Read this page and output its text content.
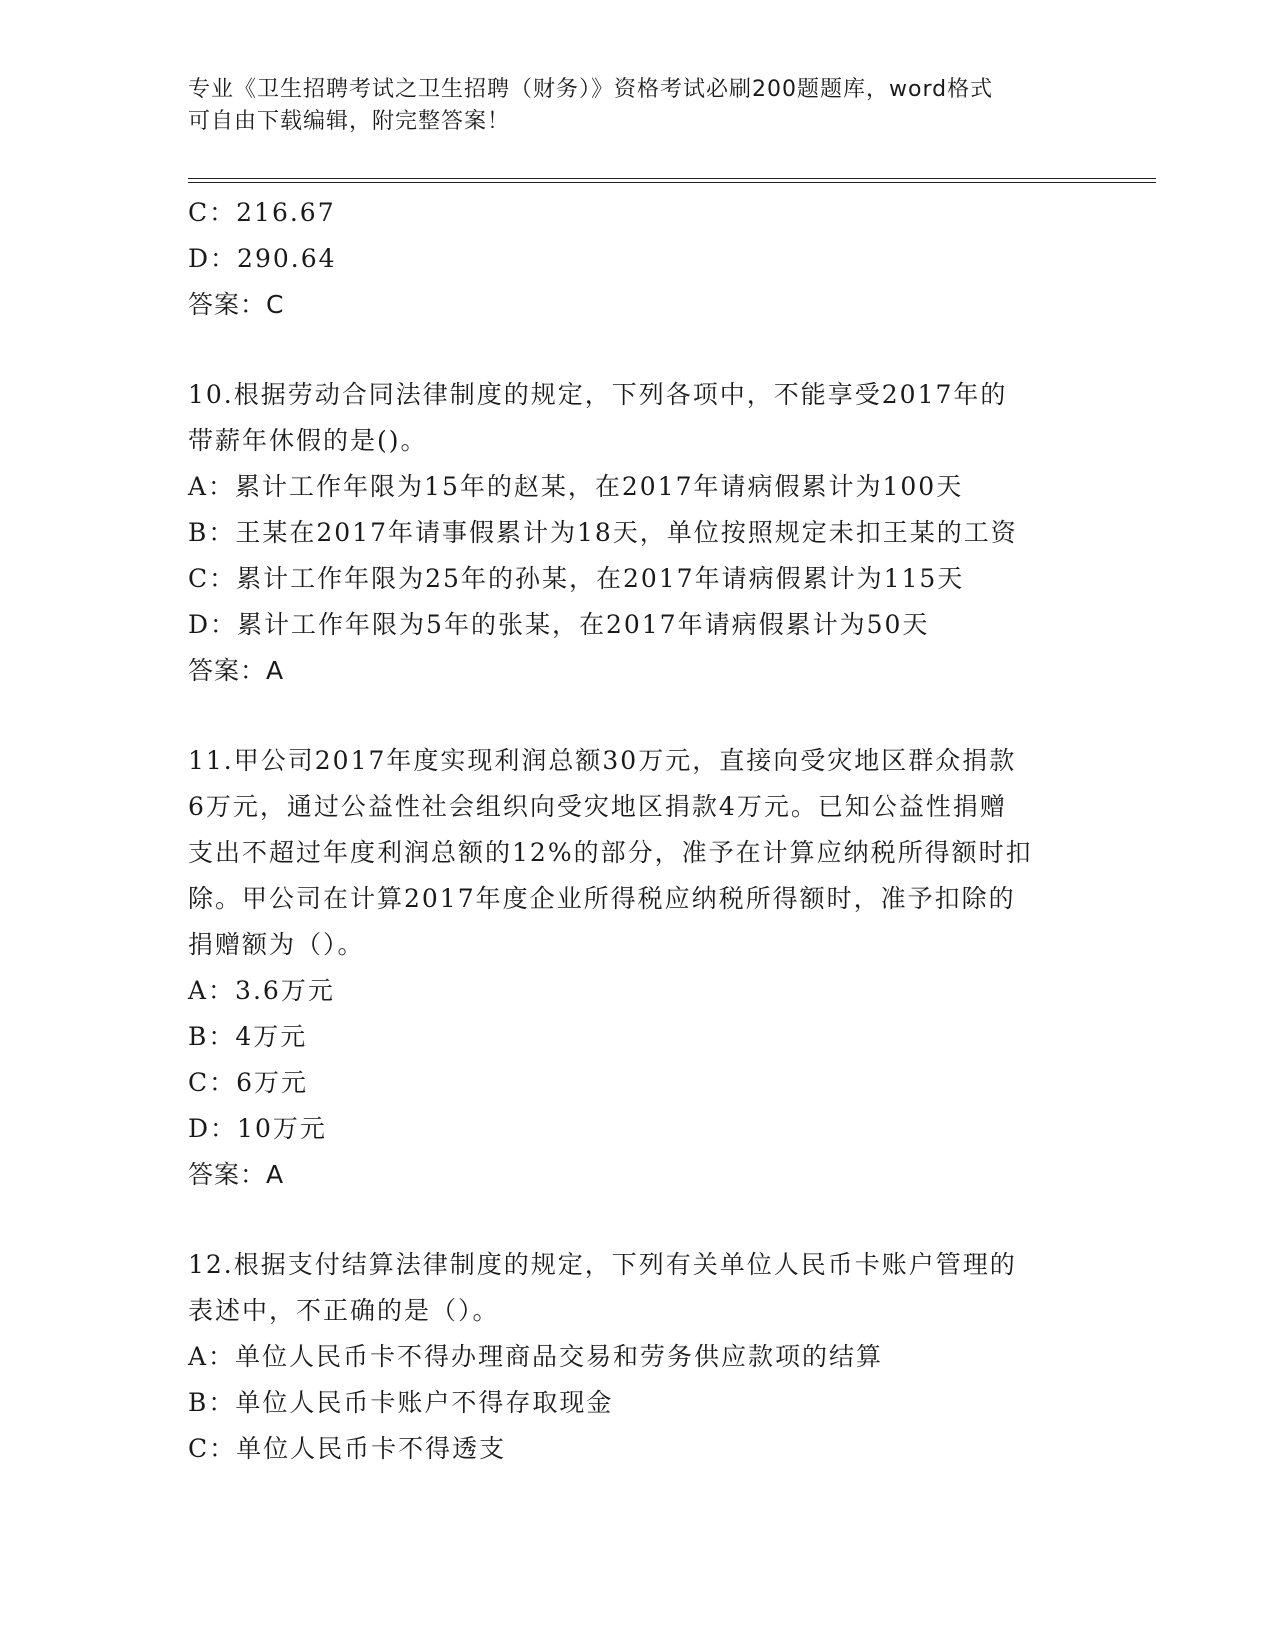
专业《卫生招聘考试之卫生招聘（财务）》资格考试必刷200题题库，word格式
可自由下载编辑，附完整答案！
C：216.67
D：290.64
答案：C
10.根据劳动合同法律制度的规定，下列各项中，不能享受2017年的
带薪年休假的是()。
A：累计工作年限为15年的赵某，在2017年请病假累计为100天
B：王某在2017年请事假累计为18天，单位按照规定未扣王某的工资
C：累计工作年限为25年的孙某，在2017年请病假累计为115天
D：累计工作年限为5年的张某，在2017年请病假累计为50天
答案：A
11.甲公司2017年度实现利润总额30万元，直接向受灾地区群众捐款
6万元，通过公益性社会组织向受灾地区捐款4万元。已知公益性捐赠
支出不超过年度利润总额的12%的部分，准予在计算应纳税所得额时扣
除。甲公司在计算2017年度企业所得税应纳税所得额时，准予扣除的
捐赠额为（）。
A：3.6万元
B：4万元
C：6万元
D：10万元
答案：A
12.根据支付结算法律制度的规定，下列有关单位人民币卡账户管理的
表述中，不正确的是（）。
A：单位人民币卡不得办理商品交易和劳务供应款项的结算
B：单位人民币卡账户不得存取现金
C：单位人民币卡不得透支
